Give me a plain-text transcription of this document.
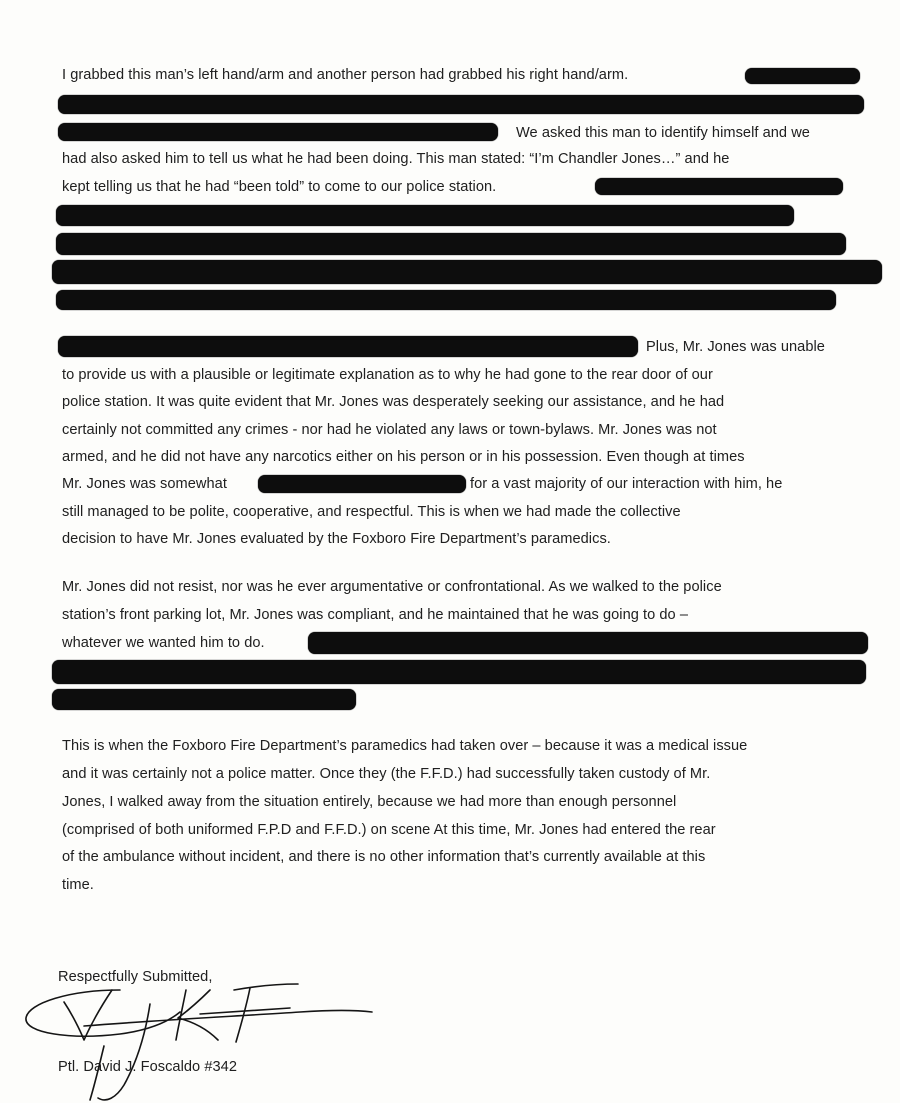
I grabbed this man’s left hand/arm and another person had grabbed his right hand/arm.
We asked this man to identify himself and we
had also asked him to tell us what he had been doing. This man stated: “I’m Chandler Jones…” and he
kept telling us that he had “been told” to come to our police station.
Plus, Mr. Jones was unable
to provide us with a plausible or legitimate explanation as to why he had gone to the rear door of our
police station. It was quite evident that Mr. Jones was desperately seeking our assistance, and he had
certainly not committed any crimes - nor had he violated any laws or town-bylaws. Mr. Jones was not
armed, and he did not have any narcotics either on his person or in his possession. Even though at times
Mr. Jones was somewhat	for a vast majority of our interaction with him, he
still managed to be polite, cooperative, and respectful. This is when we had made the collective
decision to have Mr. Jones evaluated by the Foxboro Fire Department’s paramedics.
Mr. Jones did not resist, nor was he ever argumentative or confrontational. As we walked to the police
station’s front parking lot, Mr. Jones was compliant, and he maintained that he was going to do –
whatever we wanted him to do.
This is when the Foxboro Fire Department’s paramedics had taken over – because it was a medical issue
and it was certainly not a police matter. Once they (the F.F.D.) had successfully taken custody of Mr.
Jones, I walked away from the situation entirely, because we had more than enough personnel
(comprised of both uniformed F.P.D and F.F.D.) on scene At this time, Mr. Jones had entered the rear
of the ambulance without incident, and there is no other information that’s currently available at this
time.
Respectfully Submitted,
Ptl. David J. Foscaldo #342
